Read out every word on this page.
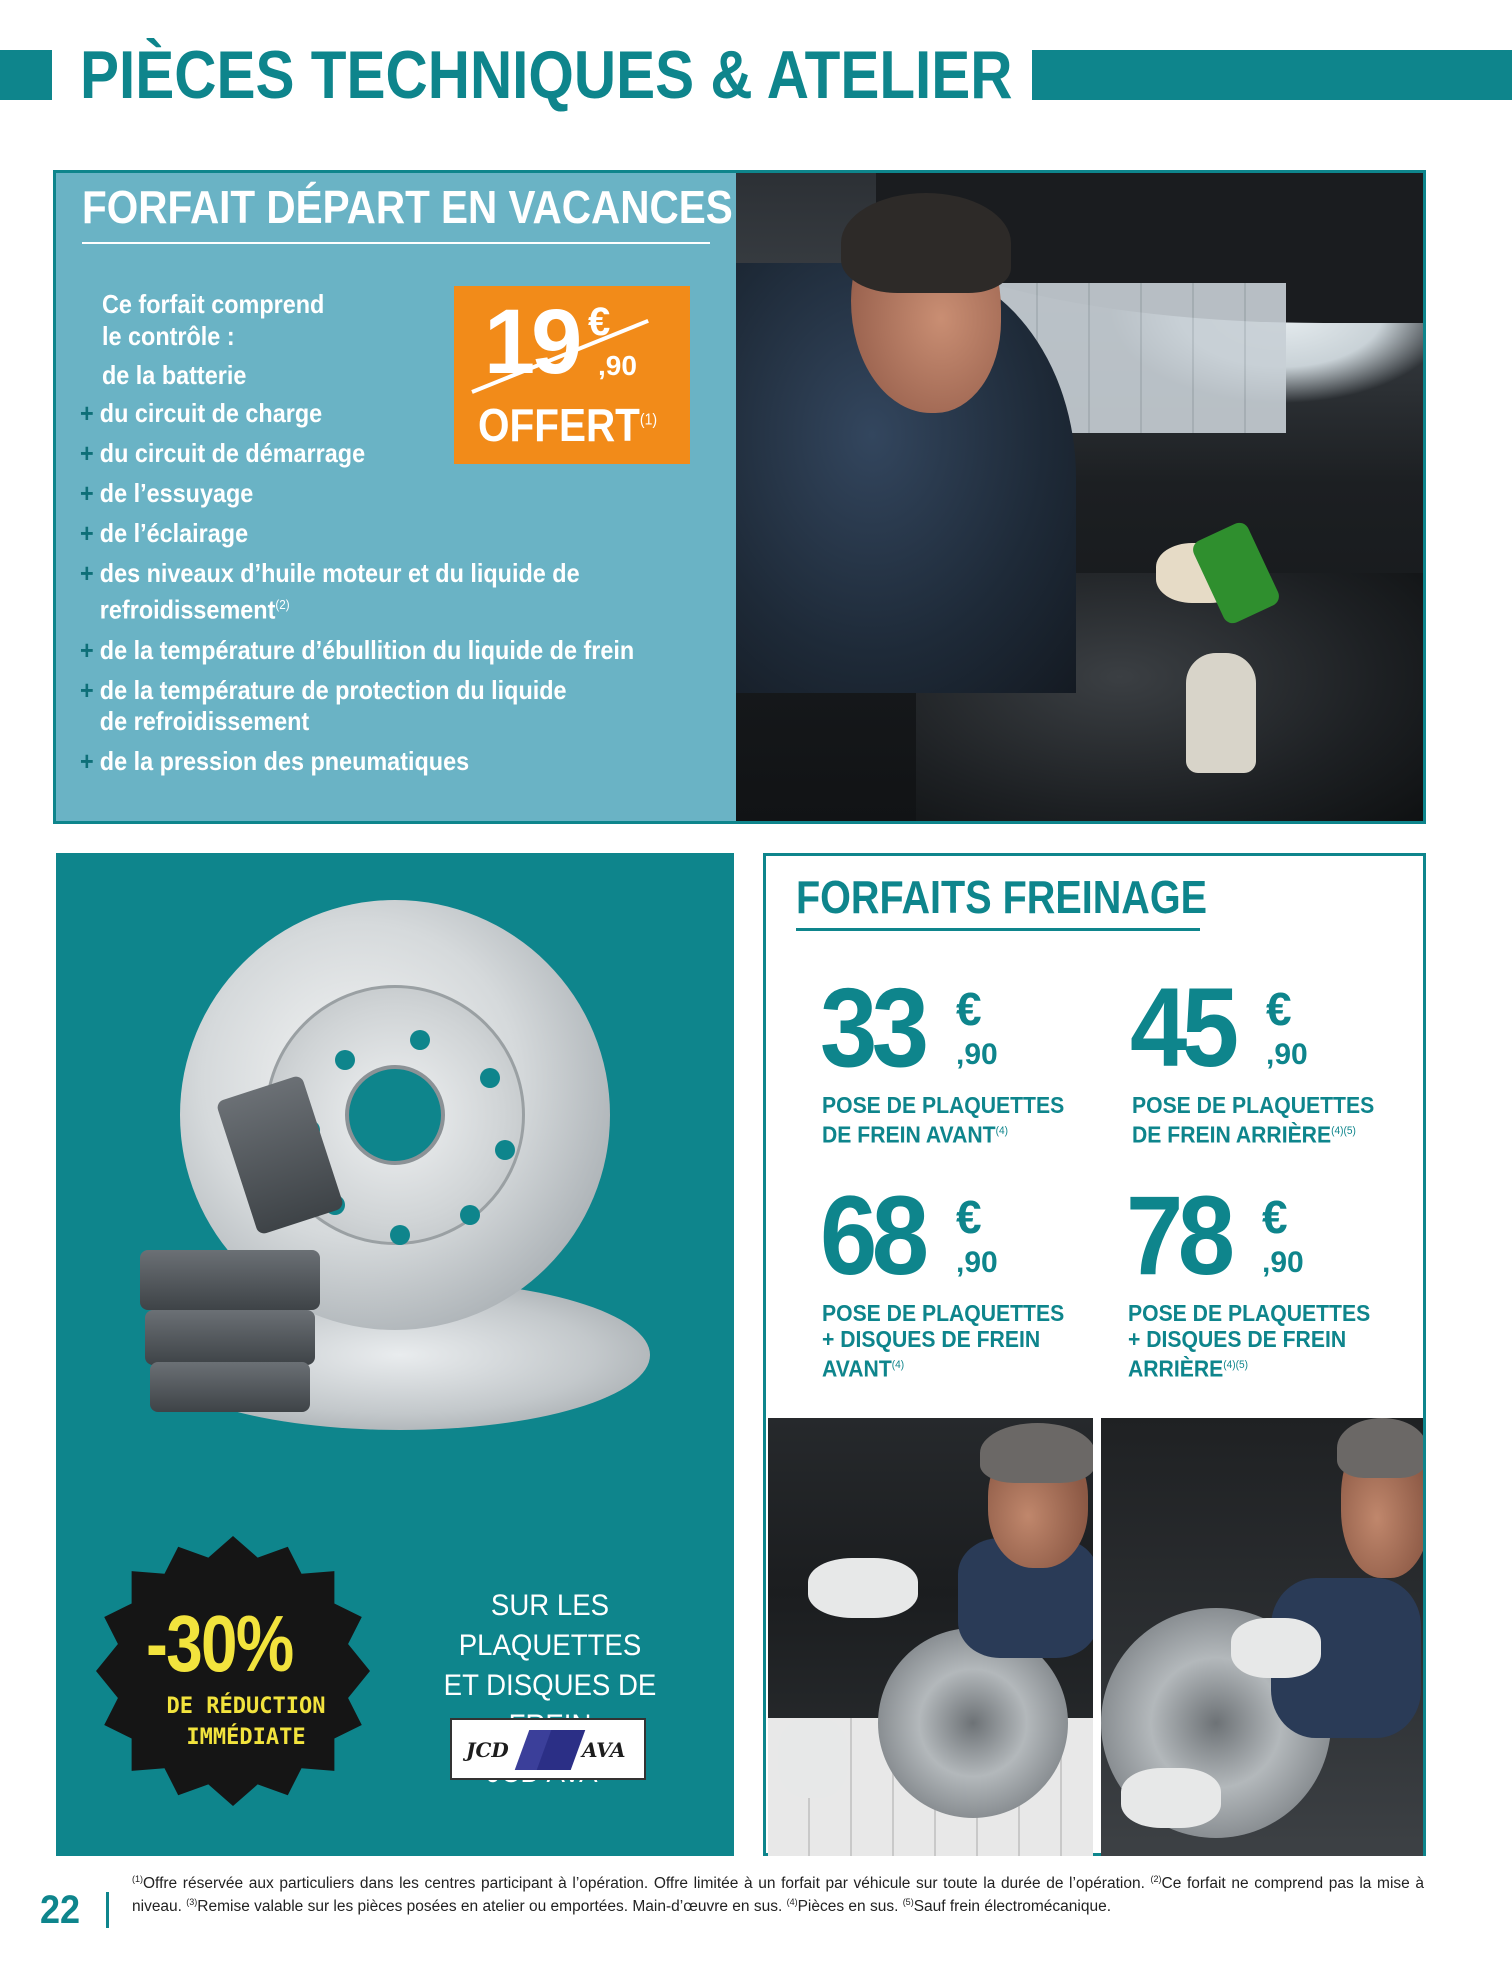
PIÈCES TECHNIQUES & ATELIER
FORFAIT DÉPART EN VACANCES
Ce forfait comprend
le contrôle :
de la batterie
+ du circuit de charge
+ du circuit de démarrage
+ de l’essuyage
+ de l’éclairage
+ des niveaux d’huile moteur et du liquide de
refroidissement$^{(2)}$
+ de la température d’ébullition du liquide de frein
+ de la température de protection du liquide
de refroidissement
+ de la pression des pneumatiques
19 €
,90
OFFERT$^{(1)}$
-30%
DE RÉDUCTION
IMMÉDIATE
SUR LES PLAQUETTES
ET DISQUES DE
JCD	AVA
FORFAITS FREINAGE
33 €
,90
POSE DE PLAQUETTES
DE FREIN AVANT$^{(4)}$
45 €
,90
POSE DE PLAQUETTES
DE FREIN $ARRIÈRE^{(4)(5)}$
68 €
,90
POSE DE PLAQUETTES
+ DISQUES DE FREIN
AVANT$^{(4)}$
78 €
,90
POSE DE PLAQUETTES
+ DISQUES DE FREIN
$ARRIÈRE^{(4)(5)}$
22
$^{(1)}$Offre réservée aux particuliers dans les centres participant à l’opération. Offre limitée à un forfait par véhicule sur toute la durée de l’opération. $^{(2)}$Ce forfait ne comprend pas la mise à niveau. $^{(3)}$Remise valable sur les pièces posées en atelier ou emportées. Main-d’œuvre en sus. $^{(4)}$Pièces en sus. $^{(5)}$Sauf frein électromécanique.
